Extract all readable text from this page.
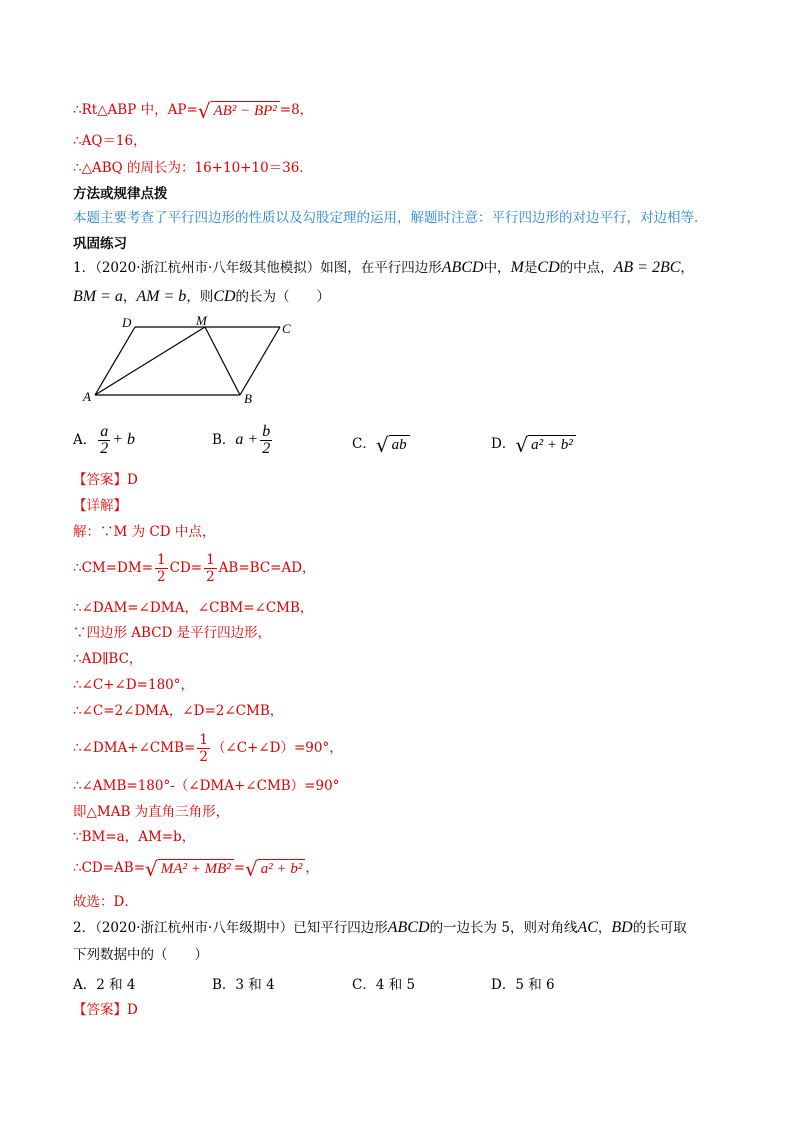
∴Rt△ABP 中，AP=√ AB² − BP² =8，
∴AQ＝16，
∴△ABQ 的周长为：16+10+10＝36．
方法或规律点拨
本题主要考查了平行四边形的性质以及勾股定理的运用，解题时注意：平行四边形的对边平行，对边相等．
巩固练习
1．（2020·浙江杭州市·八年级其他模拟）如图，在平行四边形ABCD中，M是CD的中点，AB = 2BC，
BM = a，AM = b，则CD的长为（　　）
D	M
C
A	B
A． $\frac{a}{2} + b$	B．$a + \frac{b}{2}$	C．√ ab	D．√ a² + b²
【答案】D
【详解】
解：∵M 为 CD 中点，
∴CM=DM= $\frac{1}{2} CD= \frac{1}{2} AB=BC=AD$，
∴∠DAM=∠DMA，∠CBM=∠CMB，
∵四边形 ABCD 是平行四边形，
∴AD∥BC，
∴∠C+∠D=180°，
∴∠C=2∠DMA，∠D=2∠CMB，
∴∠DMA+∠CMB= $\frac{1}{2}$ （∠C+∠D）=90°，
∴∠AMB=180°-（∠DMA+∠CMB）=90°
即△MAB 为直角三角形，
∵BM=a，AM=b，
∴CD=AB=√ MA² + MB² =√ a² + b² ，
故选：D．
2．（2020·浙江杭州市·八年级期中）已知平行四边形ABCD的一边长为 5，则对角线AC，BD的长可取
下列数据中的（　　）
A．2 和 4	B．3 和 4	C．4 和 5	D．5 和 6
【答案】D
